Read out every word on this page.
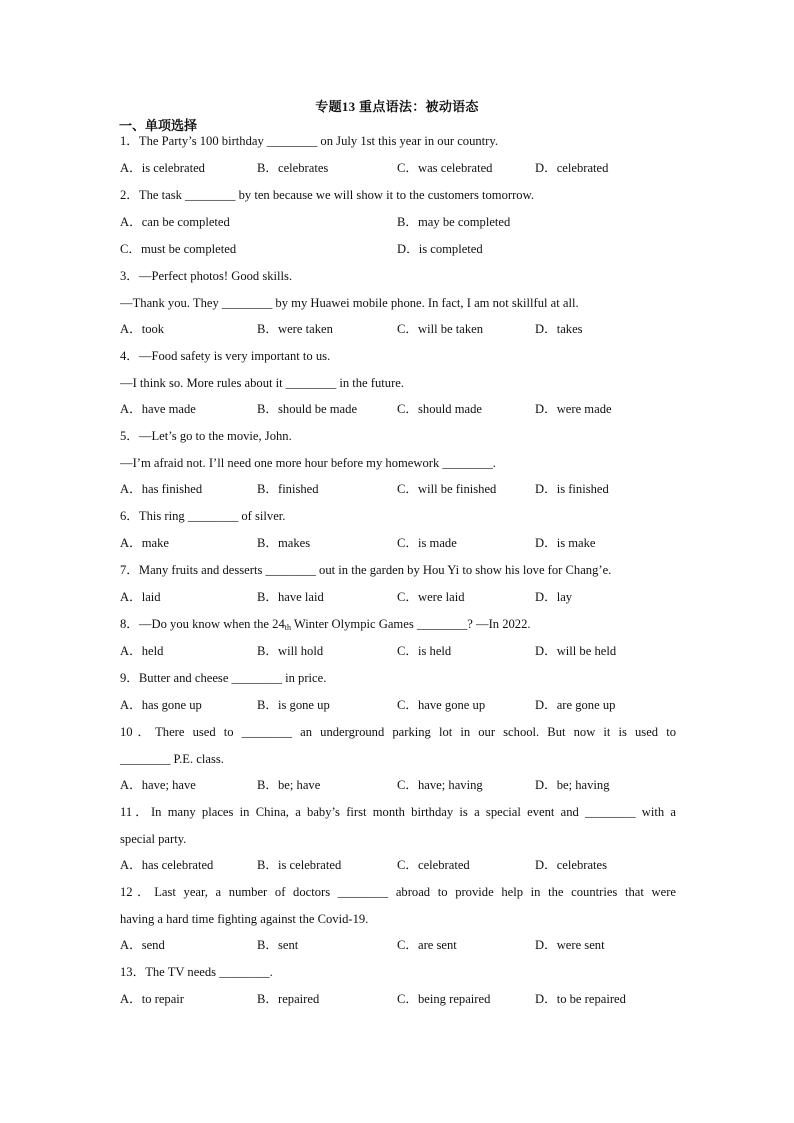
专题13 重点语法：被动语态
一、单项选择
1．The Party’s 100 birthday ________ on July 1st this year in our country.
A．is celebrated	B．celebrates	C．was celebrated	D．celebrated
2．The task ________ by ten because we will show it to the customers tomorrow.
A．can be completed	B．may be completed
C．must be completed	D．is completed
3．—Perfect photos! Good skills.
—Thank you. They ________ by my Huawei mobile phone. In fact, I am not skillful at all.
A．took	B．were taken	C．will be taken	D．takes
4．—Food safety is very important to us.
—I think so. More rules about it ________ in the future.
A．have made	B．should be made	C．should made	D．were made
5．—Let’s go to the movie, John.
—I’m afraid not. I’ll need one more hour before my homework ________.
A．has finished	B．finished	C．will be finished	D．is finished
6．This ring ________ of silver.
A．make	B．makes	C．is made	D．is make
7．Many fruits and desserts ________ out in the garden by Hou Yi to show his love for Chang’e.
A．laid	B．have laid	C．were laid	D．lay
8．—Do you know when the 24th Winter Olympic Games ________? —In 2022.
A．held	B．will hold	C．is held	D．will be held
9．Butter and cheese ________ in price.
A．has gone up	B．is gone up	C．have gone up	D．are gone up
10．There used to ________ an underground parking lot in our school. But now it is used to
________ P.E. class.
A．have; have	B．be; have	C．have; having	D．be; having
11．In many places in China, a baby’s first month birthday is a special event and ________ with a
special party.
A．has celebrated	B．is celebrated	C．celebrated	D．celebrates
12．Last year, a number of doctors ________ abroad to provide help in the countries that were
having a hard time fighting against the Covid-19.
A．send	B．sent	C．are sent	D．were sent
13．The TV needs ________.
A．to repair	B．repaired	C．being repaired	D．to be repaired
